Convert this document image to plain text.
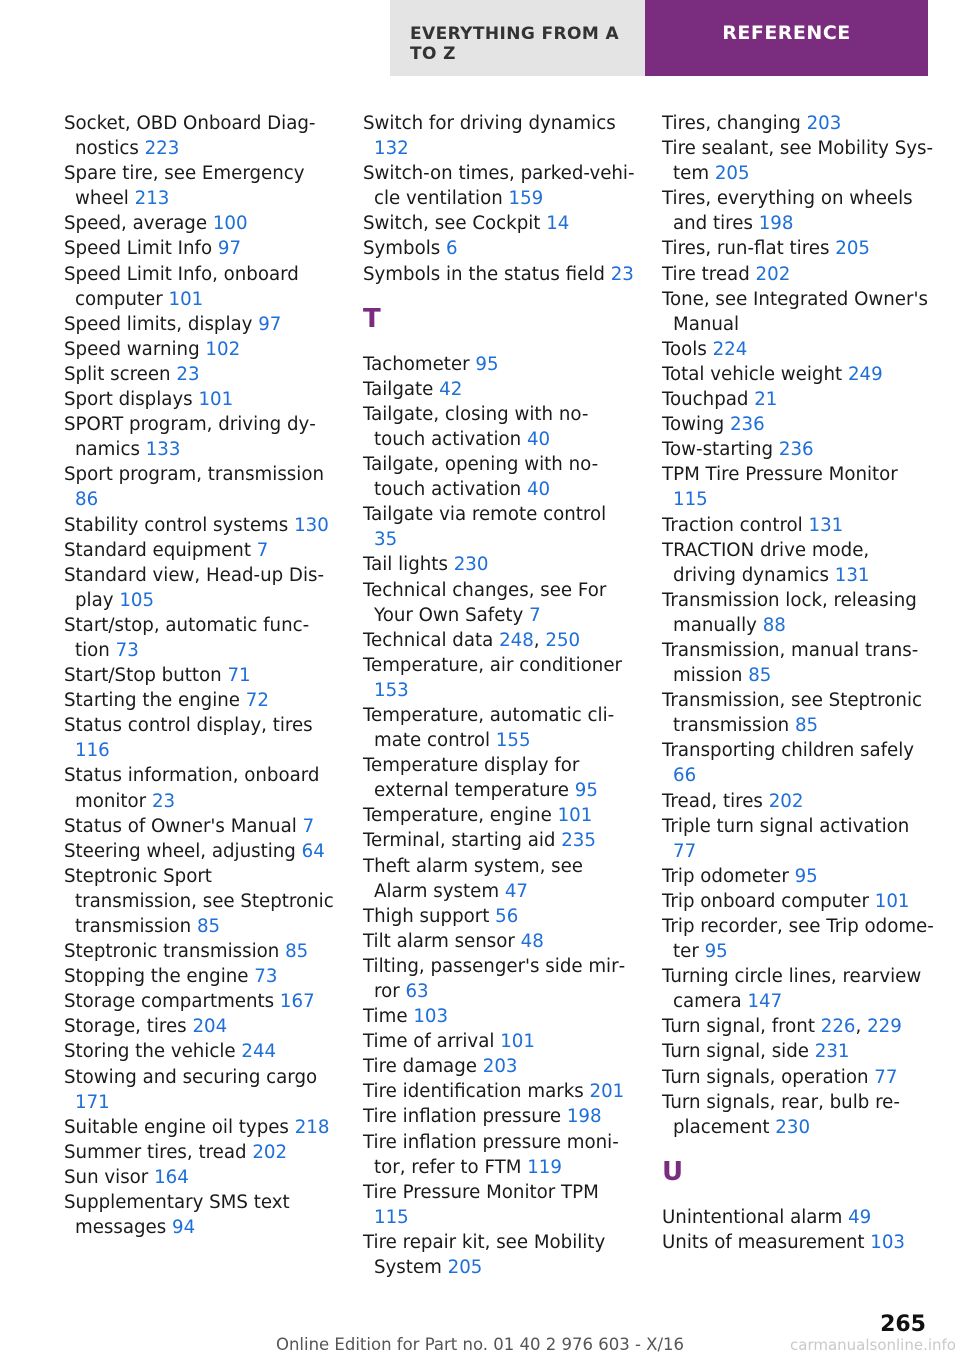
EVERYTHING FROM A TO Z
REFERENCE

Socket, OBD Onboard Diagnostics 223

Spare tire, see Emergency wheel 213

Speed, average 100

Speed Limit Info 97

Speed Limit Info, onboard computer 101

Speed limits, display 97

Speed warning 102

Split screen 23

Sport displays 101

SPORT program, driving dynamics 133

Sport program, transmission 86

Stability control systems 130

Standard equipment 7

Standard view, Head-up Display 105

Start/stop, automatic function 73

Start/Stop button 71

Starting the engine 72

Status control display, tires 116

Status information, onboard monitor 23

Status of Owner's Manual 7

Steering wheel, adjusting 64

Steptronic Sport transmission, see Steptronic transmission 85

Steptronic transmission 85

Stopping the engine 73

Storage compartments 167

Storage, tires 204

Storing the vehicle 244

Stowing and securing cargo 171

Suitable engine oil types 218

Summer tires, tread 202

Sun visor 164

Supplementary SMS text messages 94

Switch for driving dynamics 132

Switch-on times, parked-vehicle ventilation 159

Switch, see Cockpit 14

Symbols 6

Symbols in the status field 23

T

Tachometer 95

Tailgate 42

Tailgate, closing with no-touch activation 40

Tailgate, opening with no-touch activation 40

Tailgate via remote control 35

Tail lights 230

Technical changes, see For Your Own Safety 7

Technical data 248, 250

Temperature, air conditioner 153

Temperature, automatic climate control 155

Temperature display for external temperature 95

Temperature, engine 101

Terminal, starting aid 235

Theft alarm system, see Alarm system 47

Thigh support 56

Tilt alarm sensor 48

Tilting, passenger's side mirror 63

Time 103

Time of arrival 101

Tire damage 203

Tire identification marks 201

Tire inflation pressure 198

Tire inflation pressure monitor, refer to FTM 119

Tire Pressure Monitor TPM 115

Tire repair kit, see Mobility System 205

Tires, changing 203

Tire sealant, see Mobility System 205

Tires, everything on wheels and tires 198

Tires, run-flat tires 205

Tire tread 202

Tone, see Integrated Owner's Manual

Tools 224

Total vehicle weight 249

Touchpad 21

Towing 236

Tow-starting 236

TPM Tire Pressure Monitor 115

Traction control 131

TRACTION drive mode, driving dynamics 131

Transmission lock, releasing manually 88

Transmission, manual transmission 85

Transmission, see Steptronic transmission 85

Transporting children safely 66

Tread, tires 202

Triple turn signal activation 77

Trip odometer 95

Trip onboard computer 101

Trip recorder, see Trip odometer 95

Turning circle lines, rearview camera 147

Turn signal, front 226, 229

Turn signal, side 231

Turn signals, operation 77

Turn signals, rear, bulb replacement 230

U

Unintentional alarm 49

Units of measurement 103

265
Online Edition for Part no. 01 40 2 976 603 - X/16	carmanualsonline.info
